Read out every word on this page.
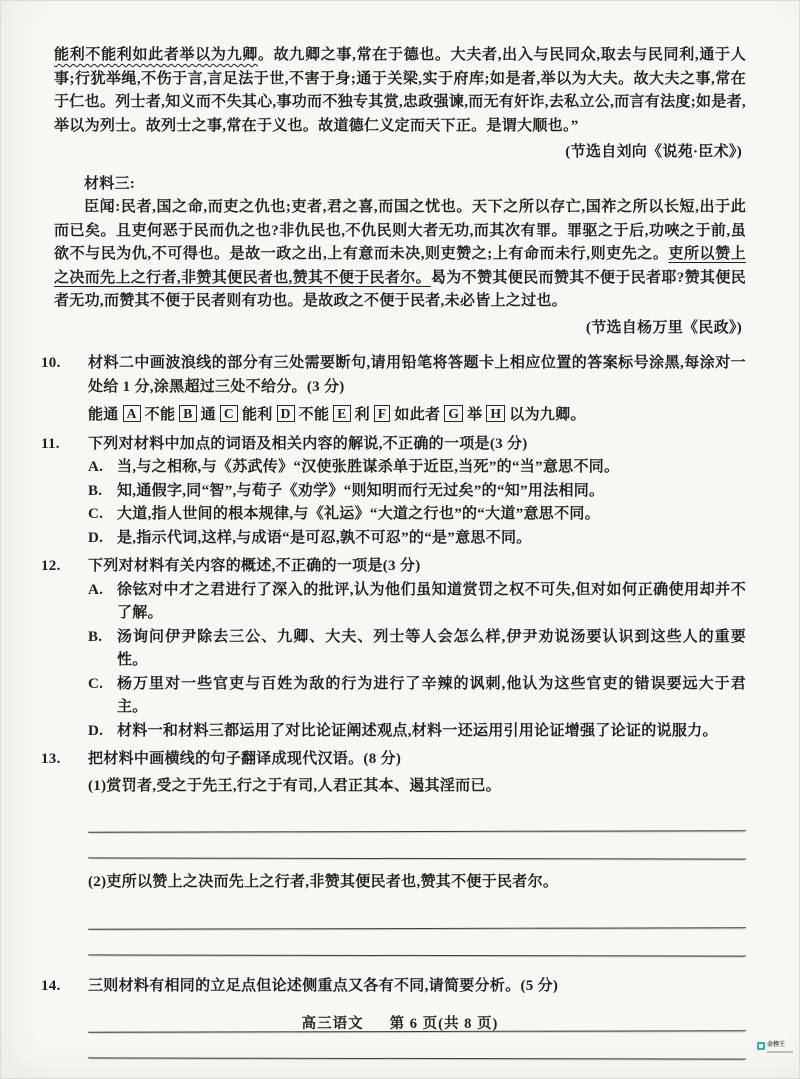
能利不能利如此者举以为九卿。故九卿之事,常在于德也。大夫者,出入与民同众,取去与民同利,通于人事;行犹举绳,不伤于言,言足法于世,不害于身;通于关梁,实于府库;如是者,举以为大夫。故大夫之事,常在于仁也。列士者,知义而不失其心,事功而不独专其赏,忠政强谏,而无有奸诈,去私立公,而言有法度;如是者,举以为列士。故列士之事,常在于义也。故道德仁义定而天下正。是谓大顺也。”
(节选自刘向《说苑·臣术》)
材料三:
臣闻:民者,国之命,而吏之仇也;吏者,君之喜,而国之忧也。天下之所以存亡,国祚之所以长短,出于此而已矣。且吏何恶于民而仇之也?非仇民也,不仇民则大者无功,而其次有罪。罪驱之于后,功唊之于前,虽欲不与民为仇,不可得也。是故一政之出,上有意而未决,则吏赞之;上有命而未行,则吏先之。吏所以赞上之决而先上之行者,非赞其便民者也,赞其不便于民者尔。曷为不赞其便民而赞其不便于民者耶?赞其便民者无功,而赞其不便于民者则有功也。是故政之不便于民者,未必皆上之过也。
(节选自杨万里《民政》)
10.	材料二中画波浪线的部分有三处需要断句,请用铅笔将答题卡上相应位置的答案标号涂黑,每涂对一处给 1 分,涂黑超过三处不给分。(3 分)
能通 A 不能 B 通 C 能利 D 不能 E 利 F 如此者 G 举 H 以为九卿。
11.	下列对材料中加点的词语及相关内容的解说,不正确的一项是(3 分)
A. 当,与之相称,与《苏武传》“汉使张胜谋杀单于近臣,当死”的“当”意思不同。
B. 知,通假字,同“智”,与荀子《劝学》“则知明而行无过矣”的“知”用法相同。
C. 大道,指人世间的根本规律,与《礼运》“大道之行也”的“大道”意思不同。
D. 是,指示代词,这样,与成语“是可忍,孰不可忍”的“是”意思不同。
12.	下列对材料有关内容的概述,不正确的一项是(3 分)
A. 徐铉对中才之君进行了深入的批评,认为他们虽知道赏罚之权不可失,但对如何正确使用却并不了解。
B. 汤询问伊尹除去三公、九卿、大夫、列士等人会怎么样,伊尹劝说汤要认识到这些人的重要性。
C. 杨万里对一些官吏与百姓为敌的行为进行了辛辣的讽刺,他认为这些官吏的错误要远大于君主。
D. 材料一和材料三都运用了对比论证阐述观点,材料一还运用引用论证增强了论证的说服力。
13.	把材料中画横线的句子翻译成现代汉语。(8 分)
(1)赏罚者,受之于先王,行之于有司,人君正其本、遏其淫而已。
(2)吏所以赞上之决而先上之行者,非赞其便民者也,赞其不便于民者尔。
14.	三则材料有相同的立足点但论述侧重点又各有不同,请简要分析。(5 分)
高三语文 第 6 页(共 8 页)
金榜王
